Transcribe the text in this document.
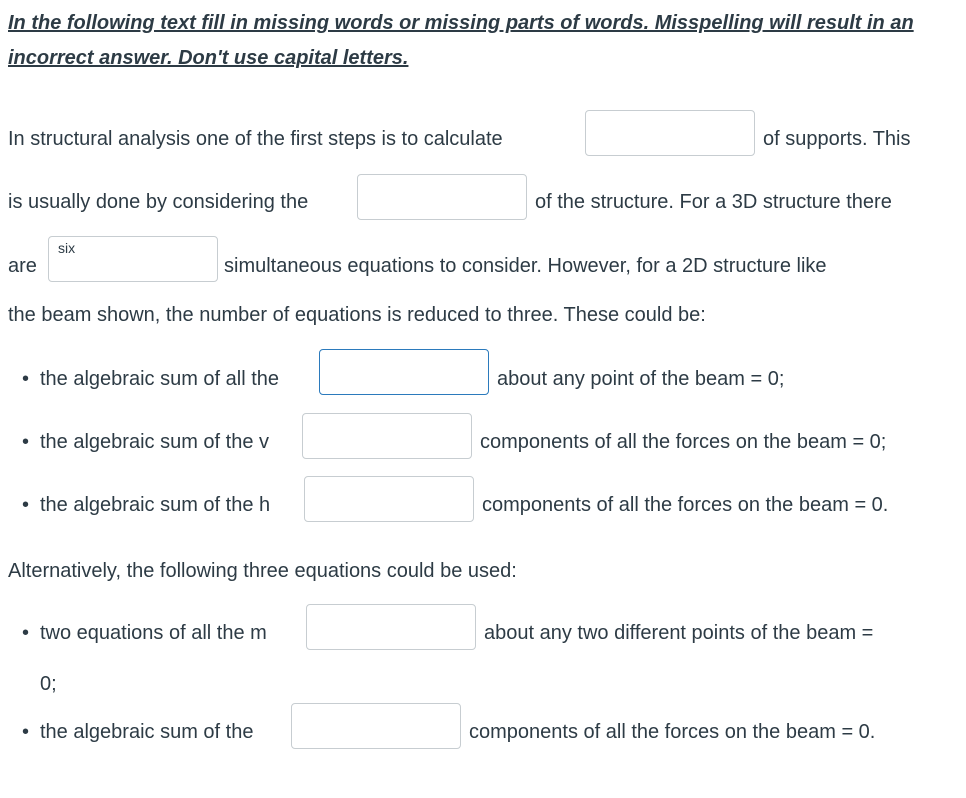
In the following text fill in missing words or missing parts of words. Misspelling will result in an
incorrect answer. Don't use capital letters.
In structural analysis one of the first steps is to calculate	of supports. This
is usually done by considering the	of the structure. For a 3D structure there
are
six	simultaneous equations to consider. However, for a 2D structure like
the beam shown, the number of equations is reduced to three. These could be:
• the algebraic sum of all the	about any point of the beam = 0;
• the algebraic sum of the v	components of all the forces on the beam = 0;
• the algebraic sum of the h	components of all the forces on the beam = 0.
Alternatively, the following three equations could be used:
• two equations of all the m	about any two different points of the beam =
0;
• the algebraic sum of the	components of all the forces on the beam = 0.
